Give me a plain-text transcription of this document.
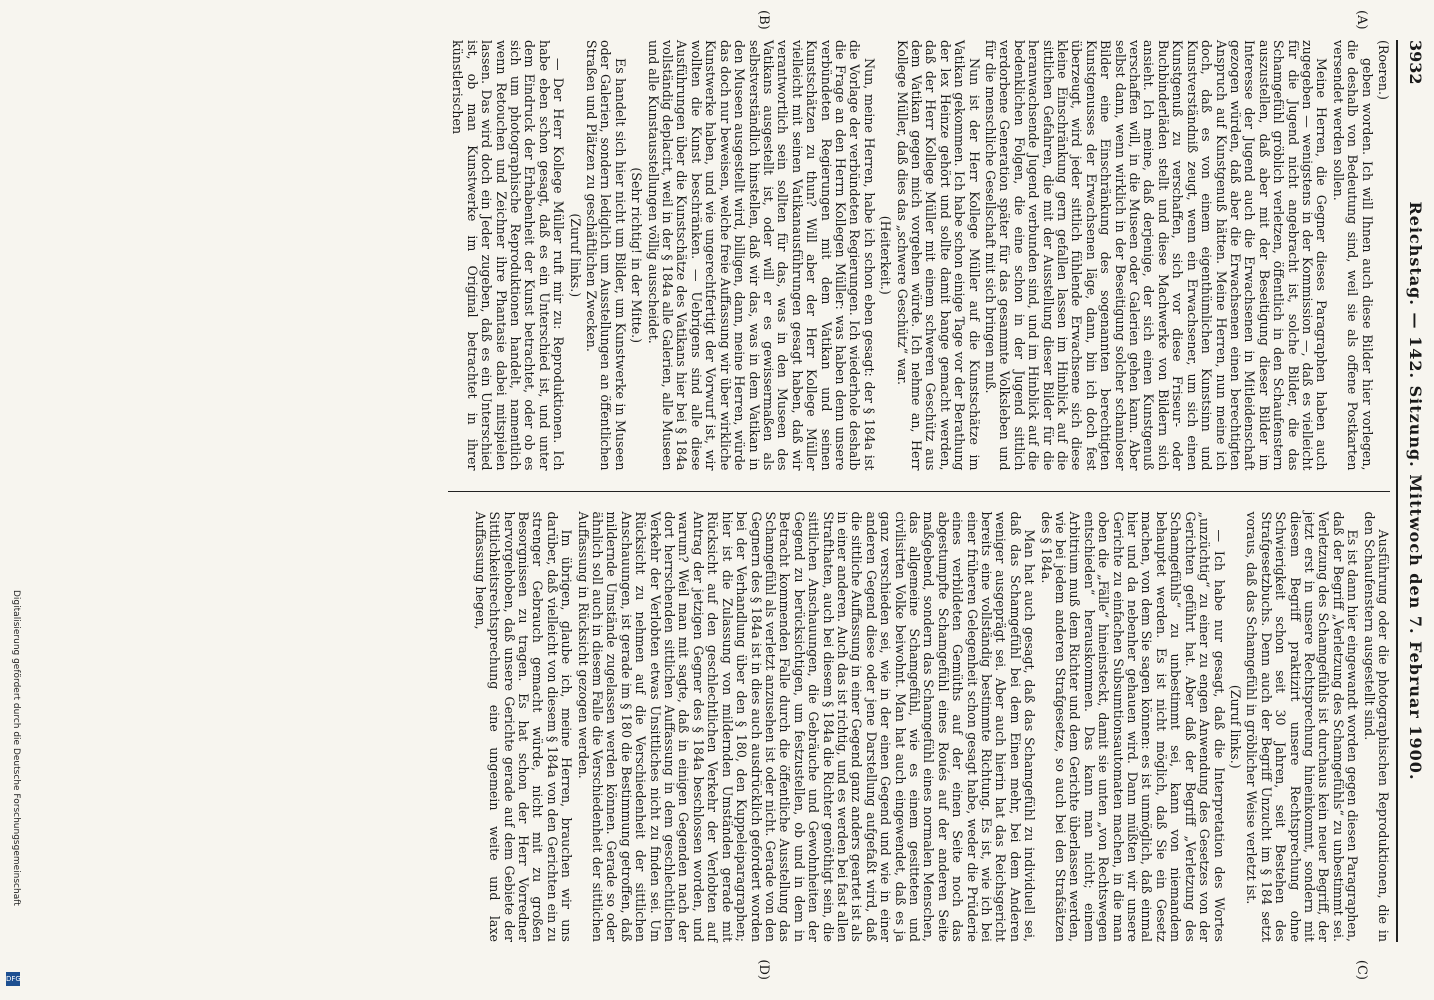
3932
Reichstag. — 142. Sitzung. Mittwoch den 7. Februar 1900.
(A)
(B)
(Roeren.)
geben worden. Ich will Ihnen auch diese Bilder hier vorlegen, die deshalb von Bedeutung sind, weil sie als offene Postkarten versendet werden sollen.
Meine Herren, die Gegner dieses Paragraphen haben auch zugegeben — wenigstens in der Kommission —, daß es vielleicht für die Jugend nicht angebracht ist, solche Bilder, die das Schamgefühl gröblich verletzen, öffentlich in den Schaufenstern auszustellen, daß aber mit der Beseitigung dieser Bilder im Interesse der Jugend auch die Erwachsenen in Mitleidenschaft gezogen würden, daß aber die Erwachsenen einen berechtigten Anspruch auf Kunstgenuß hätten. Meine Herren, nun meine ich doch, daß es von einem eigenthümlichen Kunstsinn und Kunstverständniß zeugt, wenn ein Erwachsener, um sich einen Kunstgenuß zu verschaffen, sich vor diese Friseur- oder Buchbinderläden stellt und diese Machwerke von Bildern sich ansieht. Ich meine, daß derjenige, der sich einen Kunstgenuß verschaffen will, in die Museen oder Galerien gehen kann. Aber selbst dann, wenn wirklich in der Beseitigung solcher schamloser Bilder eine Einschränkung des sogenannten berechtigten Kunstgenusses der Erwachsenen läge, dann, bin ich doch fest überzeugt, wird jeder sittlich fühlende Erwachsene sich diese kleine Einschränkung gern gefallen lassen im Hinblick auf die sittlichen Gefahren, die mit der Ausstellung dieser Bilder für die heranwachsende Jugend verbunden sind, und im Hinblick auf die bedenklichen Folgen, die eine schon in der Jugend sittlich verdorbene Generation später für das gesammte Volksleben und für die menschliche Gesellschaft mit sich bringen muß.
Nun ist der Herr Kollege Müller auf die Kunstschätze im Vatikan gekommen. Ich habe schon einige Tage vor der Berathung der lex Heinze gehört und sollte damit bange gemacht werden, daß der Herr Kollege Müller mit einem schweren Geschütz aus dem Vatikan gegen mich vorgehen würde. Ich nehme an, Herr Kollege Müller, daß dies das „schwere Geschütz“ war.
(Heiterkeit.)
Nun, meine Herren, habe ich schon eben gesagt: der § 184a ist die Vorlage der verbündeten Regierungen. Ich wiederhole deshalb die Frage an den Herrn Kollegen Müller: was haben denn unsere verbündeten Regierungen mit dem Vatikan und seinen Kunstschätzen zu thun? Will aber der Herr Kollege Müller vielleicht mit seinen Vatikanausführungen gesagt haben, daß wir verantwortlich sein sollten für das, was in den Museen des Vatikans ausgestellt ist, oder will er es gewissermaßen als selbstverständlich hinstellen, daß wir das, was in dem Vatikan in den Museen ausgestellt wird, billigen, dann, meine Herren, würde das doch nur beweisen, welche freie Auffassung wir über wirkliche Kunstwerke haben, und wie ungerechtfertigt der Vorwurf ist, wir wollten die Kunst beschränken. — Uebrigens sind alle diese Ausführungen über die Kunstschätze des Vatikans hier bei § 184a vollständig deplacirt, weil in der § 184a alle Galerien, alle Museen und alle Kunstausstellungen völlig ausscheidet.
(Sehr richtig! in der Mitte.)
Es handelt sich hier nicht um Bilder, um Kunstwerke in Museen oder Galerien, sondern lediglich um Ausstellungen an öffentlichen Straßen und Plätzen zu geschäftlichen Zwecken.
(Zuruf links.)
— Der Herr Kollege Müller ruft mir zu: Reproduktionen. Ich habe eben schon gesagt, daß es ein Unterschied ist, und unter dem Eindruck der Erhabenheit der Kunst betrachtet, oder ob es sich um photographische Reproduktionen handelt, namentlich wenn Retouchen und Zeichner ihre Phantasie dabei mitspielen lassen. Das wird doch ein Jeder zugeben, daß es ein Unterschied ist, ob man Kunstwerke im Original betrachtet in ihrer künstlerischen
(C)
(D)
Ausführung oder die photographischen Reproduktionen, die in den Schaufenstern ausgestellt sind.
Es ist dann hier eingewandt worden gegen diesen Paragraphen, daß der Begriff „Verletzung des Schamgefühls“ zu unbestimmt sei. Verletzung des Schamgefühls ist durchaus kein neuer Begriff, der jetzt erst in unsere Rechtsprechung hineinkommt, sondern mit diesem Begriff praktizirt unsere Rechtsprechung ohne Schwierigkeit schon seit 30 Jahren, seit Bestehen des Strafgesetzbuchs. Denn auch der Begriff Unzucht im § 184 setzt voraus, daß das Schamgefühl in gröblicher Weise verletzt ist.
(Zuruf links.)
— Ich habe nur gesagt, daß die Interpretation des Wortes „unzüchtig“ zu einer zu engen Anwendung des Gesetzes von der Gerichten geführt hat. Aber daß der Begriff „Verletzung des Schamgefühls“ zu unbestimmt sei, kann von niemandem behauptet werden. Es ist nicht möglich, daß Sie ein Gesetz machen, von dem Sie sagen können: es ist unmöglich, daß einmal hier und da nebenher gehauen wird. Dann müßten wir unsere Gerichte zu einfachen Subsumtionsautomaten machen, in die man oben die „Fälle“ hineinsteckt, damit sie unten „von Rechtswegen entschieden“ herauskommen. Das kann man nicht; einem Arbitrium muß dem Richter und dem Gerichte überlassen werden, wie bei jedem anderen Strafgesetze, so auch bei den Strafsätzen des § 184a.
Man hat auch gesagt, daß das Schamgefühl zu individuell sei, daß das Schamgefühl bei dem Einen mehr, bei dem Anderen weniger ausgeprägt sei. Aber auch hierin hat das Reichsgericht bereits eine vollständig bestimmte Richtung. Es ist, wie ich bei einer früheren Gelegenheit schon gesagt habe, weder die Prüderie eines verbildeten Gemüths auf der einen Seite noch das abgestumpfte Schamgefühl eines Roués auf der anderen Seite maßgebend, sondern das Schamgefühl eines normalen Menschen, das allgemeine Schamgefühl, wie es einem gesitteten und civilisirten Volke beiwohnt. Man hat auch eingewendet, daß es ja ganz verschieden sei, wie in der einen Gegend und wie in einer anderen Gegend diese oder jene Darstellung aufgefaßt wird, daß die sittliche Auffassung in einer Gegend ganz anders geartet ist als in einer anderen. Auch das ist richtig, und es werden bei fast allen Strafthaten, auch bei diesem § 184a die Richter genöthigt sein, die sittlichen Anschauungen, die Gebräuche und Gewohnheiten der Gegend zu berücksichtigen, um festzustellen, ob und in dem in Betracht kommenden Falle durch die öffentliche Ausstellung das Schamgefühl als verletzt anzusehen ist oder nicht. Gerade von den Gegnern des § 184a ist in dies auch ausdrücklich gefordert worden bei der Verhandlung über den § 180, den Kuppeleiparagraphen; hier ist die Zulassung von mildernden Umständen gerade mit Rücksicht auf den geschlechtlichen Verkehr der Verlobten auf Antrag der jetzigen Gegner des § 184a beschlossen worden, und warum? Weil man mit sagte, daß in einigen Gegenden nach der dort herrschenden sittlichen Auffassung in dem geschlechtlichen Verkehr der Verlobten etwas Unsittliches nicht zu finden sei. Um Rücksicht zu nehmen auf die Verschiedenheit der sittlichen Anschauungen, ist gerade im § 180 die Bestimmung getroffen, daß mildernde Umstände zugelassen werden können. Gerade so oder ähnlich soll auch in diesem Falle die Verschiedenheit der sittlichen Auffassung in Rücksicht gezogen werden.
Im übrigen, glaube ich, meine Herren, brauchen wir uns darüber, daß vielleicht von diesem § 184a von den Gerichten ein zu strenger Gebrauch gemacht würde, nicht mit zu großen Besorgnissen zu tragen. Es hat schon der Herr Vorredner hervorgehoben, daß unsere Gerichte gerade auf dem Gebiete der Sittlichkeitsrechtsprechung eine ungemein weite und laxe Auffassung hegen,
Digitalisierung gefördert durch die Deutsche Forschungsgemeinschaft
DFG
